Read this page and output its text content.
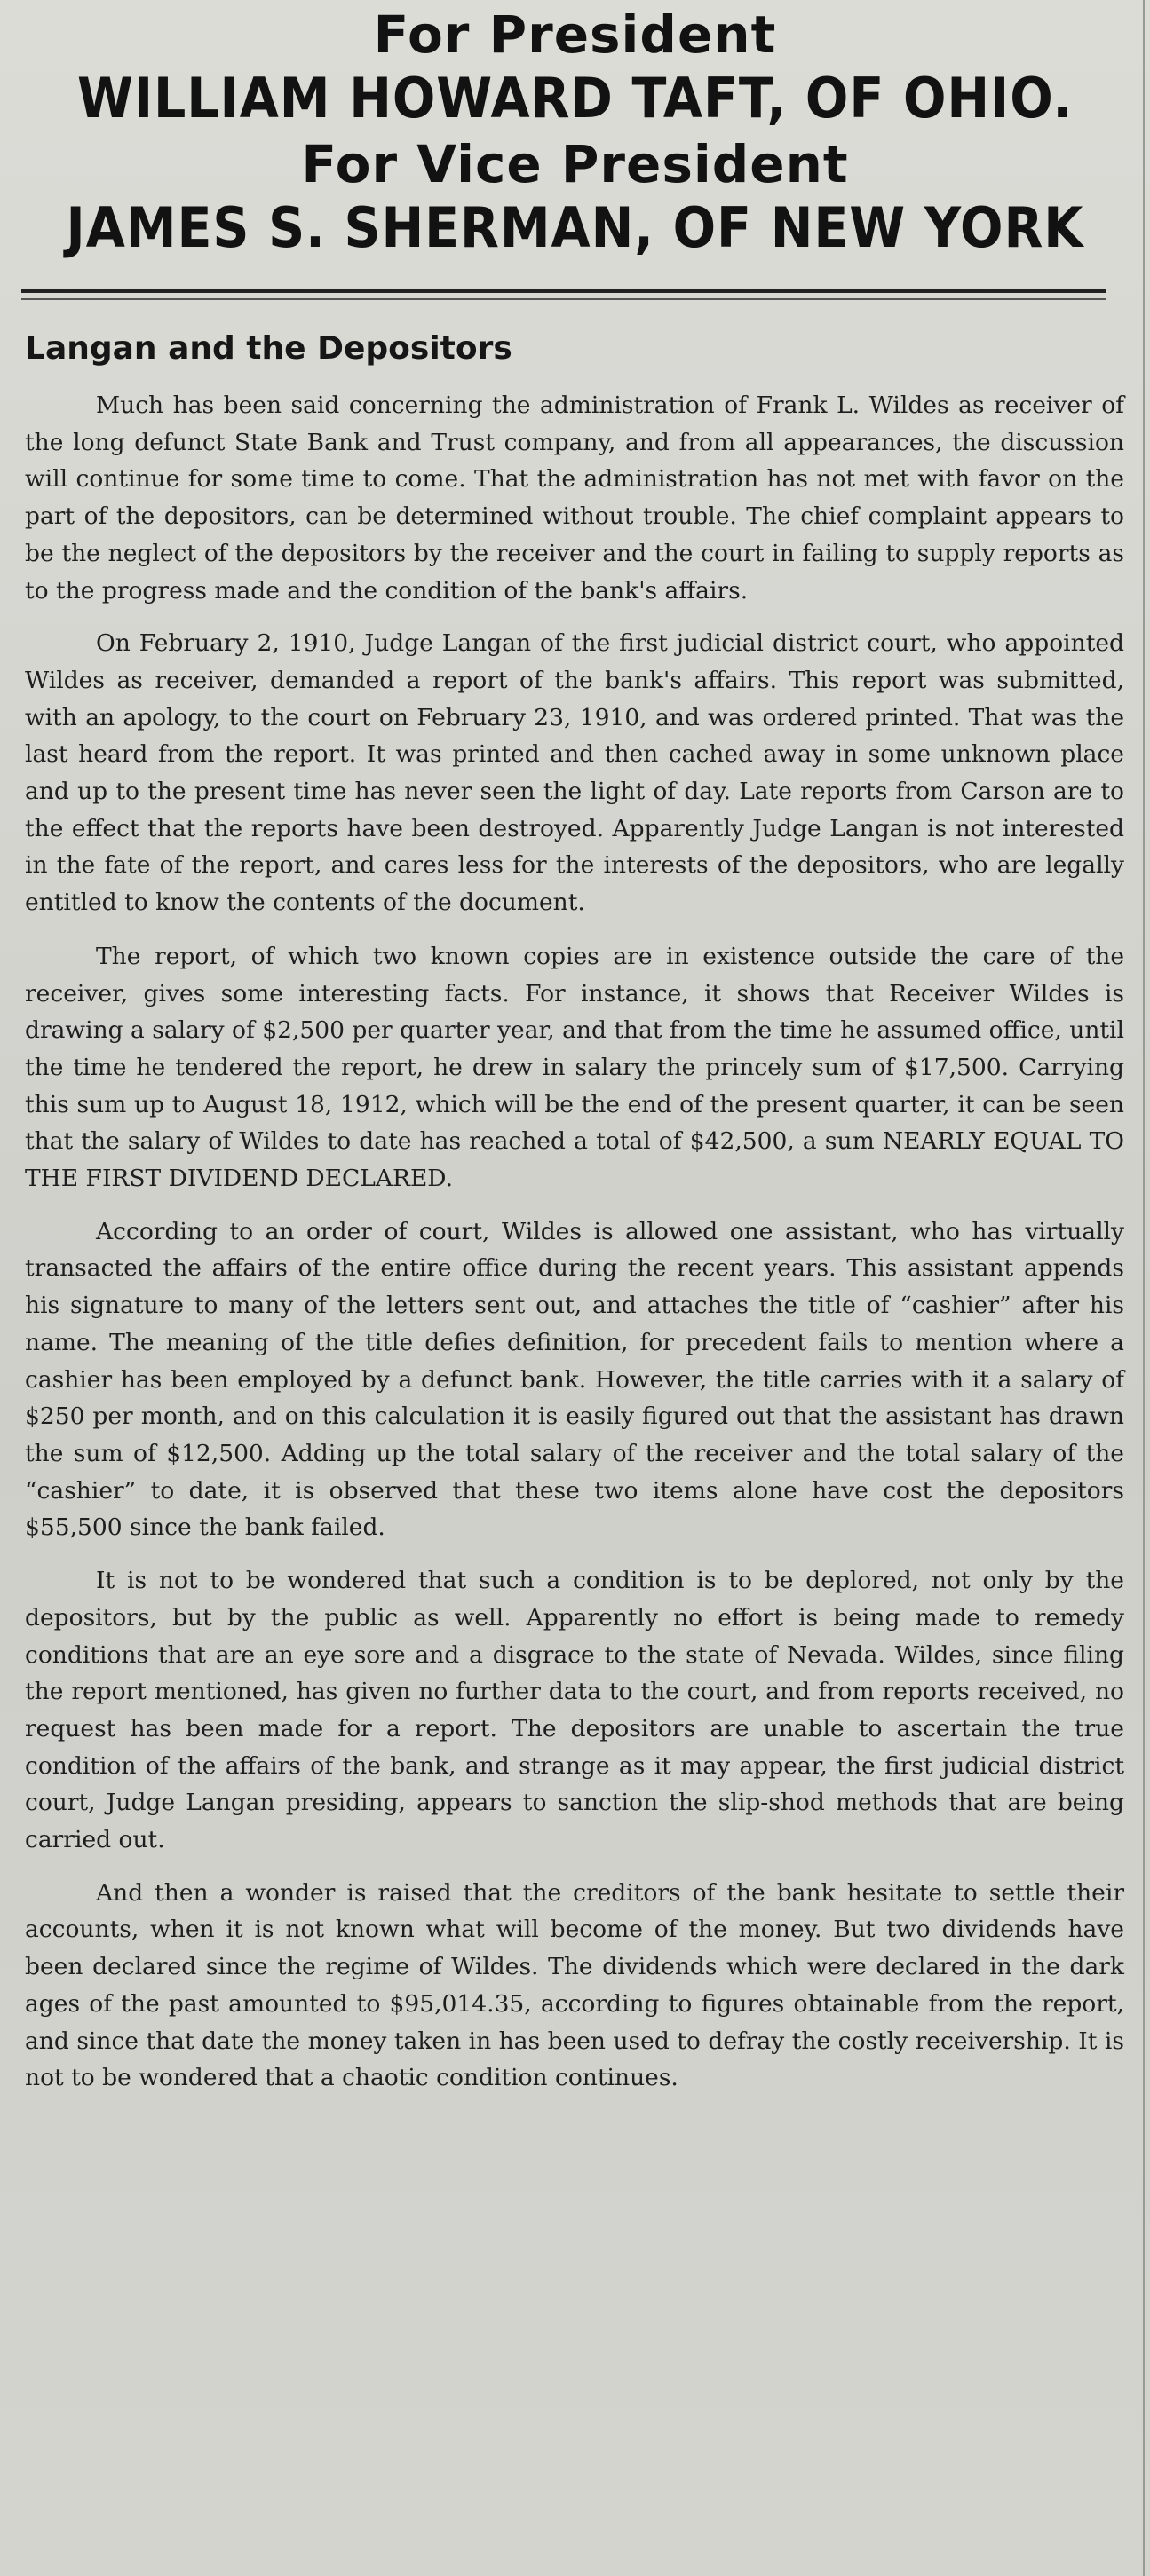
For President
WILLIAM HOWARD TAFT, OF OHIO.
For Vice President
JAMES S. SHERMAN, OF NEW YORK
Langan and the Depositors

Much has been said concerning the administration of Frank L. Wildes as receiver of the long defunct State Bank and Trust company, and from all appearances, the discussion will continue for some time to come. That the administration has not met with favor on the part of the depositors, can be determined without trouble. The chief complaint appears to be the neglect of the depositors by the receiver and the court in failing to supply reports as to the progress made and the condition of the bank's affairs.

On February 2, 1910, Judge Langan of the first judicial district court, who appointed Wildes as receiver, demanded a report of the bank's affairs. This report was submitted, with an apology, to the court on February 23, 1910, and was ordered printed. That was the last heard from the report. It was printed and then cached away in some unknown place and up to the present time has never seen the light of day. Late reports from Carson are to the effect that the reports have been destroyed. Apparently Judge Langan is not interested in the fate of the report, and cares less for the interests of the depositors, who are legally entitled to know the contents of the document.

The report, of which two known copies are in existence outside the care of the receiver, gives some interesting facts. For instance, it shows that Receiver Wildes is drawing a salary of $2,500 per quarter year, and that from the time he assumed office, until the time he tendered the report, he drew in salary the princely sum of $17,500. Carrying this sum up to August 18, 1912, which will be the end of the present quarter, it can be seen that the salary of Wildes to date has reached a total of $42,500, a sum NEARLY EQUAL TO THE FIRST DIVIDEND DECLARED.

According to an order of court, Wildes is allowed one assistant, who has virtually transacted the affairs of the entire office during the recent years. This assistant appends his signature to many of the letters sent out, and attaches the title of “cashier” after his name. The meaning of the title defies definition, for precedent fails to mention where a cashier has been employed by a defunct bank. However, the title carries with it a salary of $250 per month, and on this calculation it is easily figured out that the assistant has drawn the sum of $12,500. Adding up the total salary of the receiver and the total salary of the “cashier” to date, it is observed that these two items alone have cost the depositors $55,500 since the bank failed.

It is not to be wondered that such a condition is to be deplored, not only by the depositors, but by the public as well. Apparently no effort is being made to remedy conditions that are an eye sore and a disgrace to the state of Nevada. Wildes, since filing the report mentioned, has given no further data to the court, and from reports received, no request has been made for a report. The depositors are unable to ascertain the true condition of the affairs of the bank, and strange as it may appear, the first judicial district court, Judge Langan presiding, appears to sanction the slip-shod methods that are being carried out.

And then a wonder is raised that the creditors of the bank hesitate to settle their accounts, when it is not known what will become of the money. But two dividends have been declared since the regime of Wildes. The dividends which were declared in the dark ages of the past amounted to $95,014.35, according to figures obtainable from the report, and since that date the money taken in has been used to defray the costly receivership. It is not to be wondered that a chaotic condition continues.
